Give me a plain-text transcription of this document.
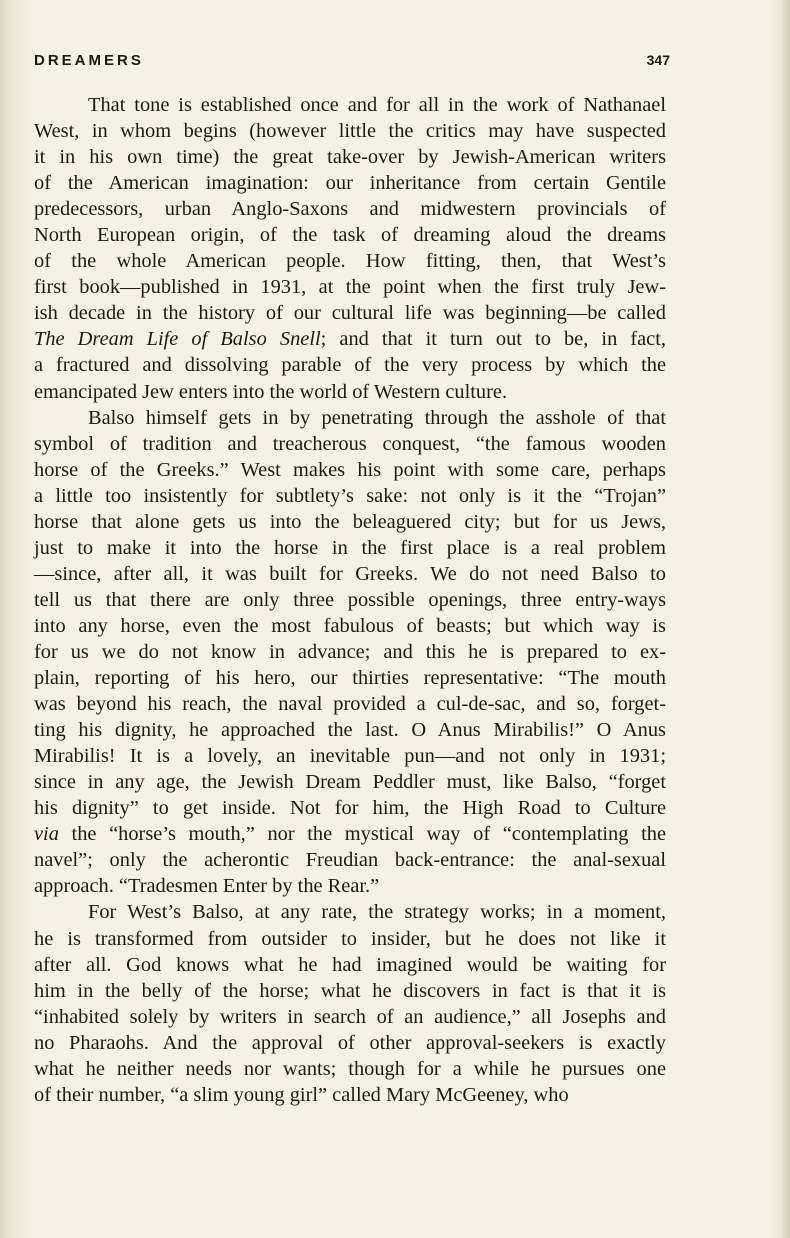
DREAMERS	347
That tone is established once and for all in the work of Nathanael
West, in whom begins (however little the critics may have suspected
it in his own time) the great take-over by Jewish-American writers
of the American imagination: our inheritance from certain Gentile
predecessors, urban Anglo-Saxons and midwestern provincials of
North European origin, of the task of dreaming aloud the dreams
of the whole American people. How fitting, then, that West’s
first book—published in 1931, at the point when the first truly Jew-
ish decade in the history of our cultural life was beginning—be called
The Dream Life of Balso Snell; and that it turn out to be, in fact,
a fractured and dissolving parable of the very process by which the
emancipated Jew enters into the world of Western culture.
Balso himself gets in by penetrating through the asshole of that
symbol of tradition and treacherous conquest, “the famous wooden
horse of the Greeks.” West makes his point with some care, perhaps
a little too insistently for subtlety’s sake: not only is it the “Trojan”
horse that alone gets us into the beleaguered city; but for us Jews,
just to make it into the horse in the first place is a real problem
—since, after all, it was built for Greeks. We do not need Balso to
tell us that there are only three possible openings, three entry-ways
into any horse, even the most fabulous of beasts; but which way is
for us we do not know in advance; and this he is prepared to ex-
plain, reporting of his hero, our thirties representative: “The mouth
was beyond his reach, the naval provided a cul-de-sac, and so, forget-
ting his dignity, he approached the last. O Anus Mirabilis!” O Anus
Mirabilis! It is a lovely, an inevitable pun—and not only in 1931;
since in any age, the Jewish Dream Peddler must, like Balso, “forget
his dignity” to get inside. Not for him, the High Road to Culture
via the “horse’s mouth,” nor the mystical way of “contemplating the
navel”; only the acherontic Freudian back-entrance: the anal-sexual
approach. “Tradesmen Enter by the Rear.”
For West’s Balso, at any rate, the strategy works; in a moment,
he is transformed from outsider to insider, but he does not like it
after all. God knows what he had imagined would be waiting for
him in the belly of the horse; what he discovers in fact is that it is
“inhabited solely by writers in search of an audience,” all Josephs and
no Pharaohs. And the approval of other approval-seekers is exactly
what he neither needs nor wants; though for a while he pursues one
of their number, “a slim young girl” called Mary McGeeney, who
